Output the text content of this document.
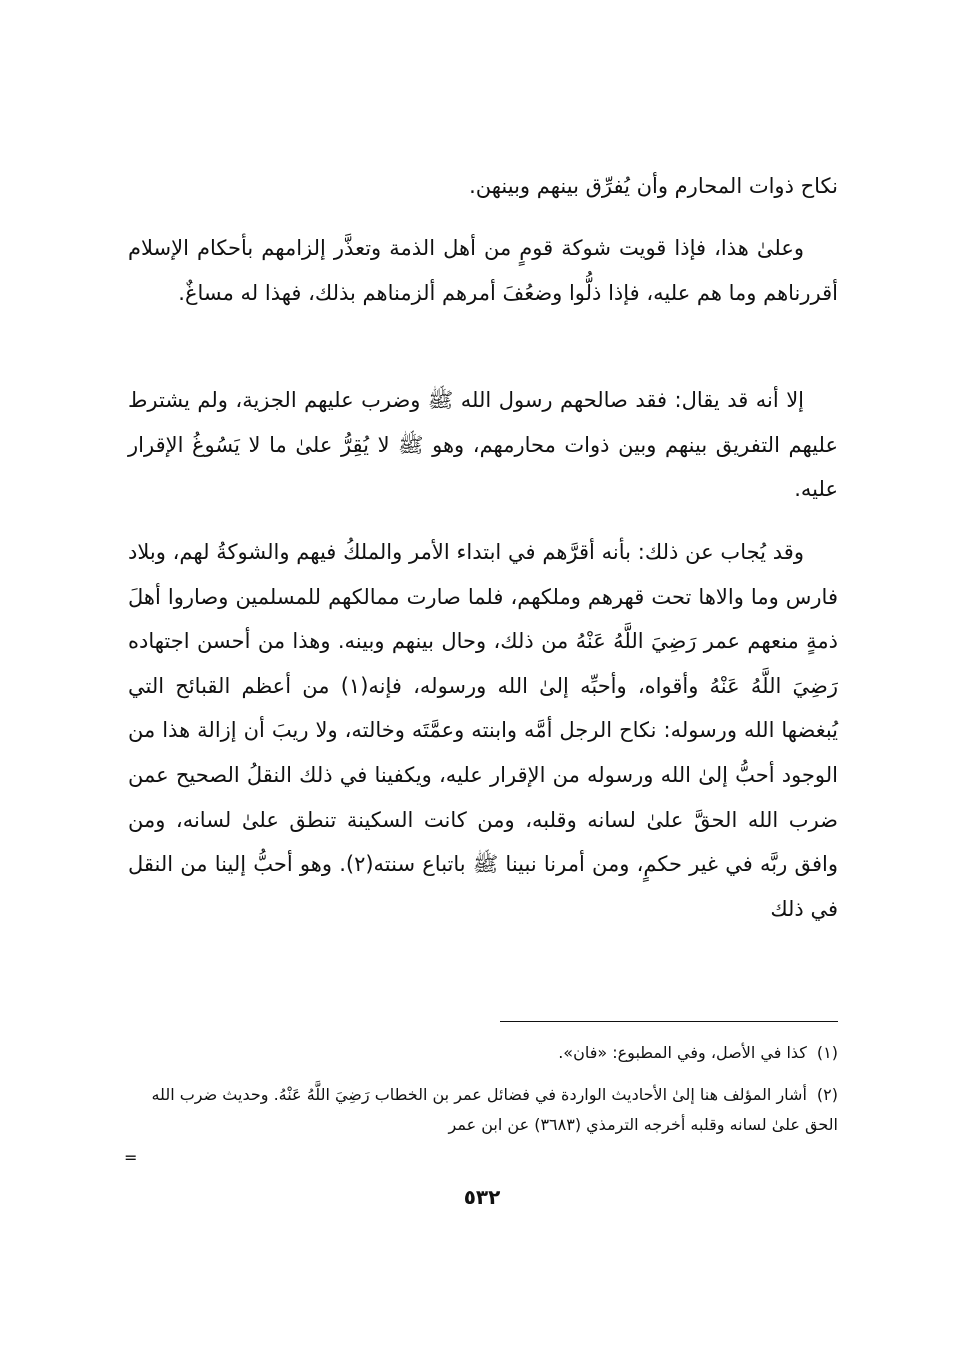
نكاح ذوات المحارم وأن يُفرِّق بينهم وبينهن.

وعلىٰ هذا، فإذا قويت شوكة قومٍ من أهل الذمة وتعذَّر إلزامهم بأحكام الإسلام أقررناهم وما هم عليه، فإذا ذلُّوا وضعُفَ أمرهم ألزمناهم بذلك، فهذا له مساغٌ.

إلا أنه قد يقال: فقد صالحهم رسول الله ﷺ وضرب عليهم الجزية، ولم يشترط عليهم التفريق بينهم وبين ذوات محارمهم، وهو ﷺ لا يُقِرُّ علىٰ ما لا يَسُوغُ الإقرار عليه.

وقد يُجاب عن ذلك: بأنه أقرَّهم في ابتداء الأمر والملكُ فيهم والشوكةُ لهم، وبلاد فارس وما والاها تحت قهرهم وملكهم، فلما صارت ممالكهم للمسلمين وصاروا أهلَ ذمةٍ منعهم عمر رَضِيَ اللَّهُ عَنْهُ من ذلك، وحال بينهم وبينه. وهذا من أحسن اجتهاده رَضِيَ اللَّهُ عَنْهُ وأقواه، وأحبِّه إلىٰ الله ورسوله، فإنه(١) من أعظم القبائح التي يُبغضها الله ورسوله: نكاح الرجل أمَّه وابنته وعمَّتَه وخالته، ولا ريبَ أن إزالة هذا من الوجود أحبُّ إلىٰ الله ورسوله من الإقرار عليه، ويكفينا في ذلك النقلُ الصحيح عمن ضرب الله الحقَّ علىٰ لسانه وقلبه، ومن كانت السكينة تنطق علىٰ لسانه، ومن وافق ربَّه في غير حكمٍ، ومن أمرنا نبينا ﷺ باتباع سنته(٢). وهو أحبُّ إلينا من النقل في ذلك

(١)كذا في الأصل، وفي المطبوع: «فان».

(٢)أشار المؤلف هنا إلىٰ الأحاديث الواردة في فضائل عمر بن الخطاب رَضِيَ اللَّهُ عَنْهُ. وحديث ضرب الله الحق علىٰ لسانه وقلبه أخرجه الترمذي (٣٦٨٣) عن ابن عمر

=
٥٣٢
